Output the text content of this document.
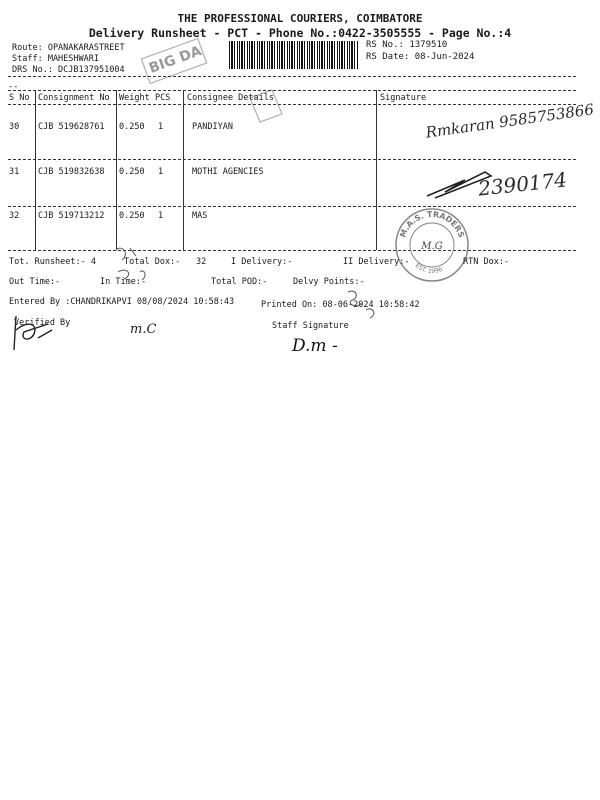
THE PROFESSIONAL COURIERS, COIMBATORE
Delivery Runsheet - PCT - Phone No.:0422-3505555 - Page No.:4
Route: OPANAKARASTREET
Staff: MAHESHWARI
DRS No.: DCJB137951004
RS No.: 1379510
RS Date: 08-Jun-2024
BIG DA
--
S No Consignment No Weight PCS Consignee Details	Signature
30 CJB 519628761 0.250 1	PANDIYAN	Rmkaran 9585753866
31 CJB 519832638 0.250 1	MOTHI AGENCIES	2390174
32 CJB 519713212 0.250 1	MAS
M.A.S. TRADERS
EST. 1996
M.G
Tot. Runsheet:- 4	Total Dox:- 32	I Delivery:-	II Delivery:-	RTN Dox:-
Out Time:-	In Time:-	Total POD:-	Delvy Points:-
Entered By :CHANDRIKAPVI 08/08/2024 10:58:43	Printed On: 08-06-2024 10:58:42
Verified By	Staff Signature
m.C
D.m -
